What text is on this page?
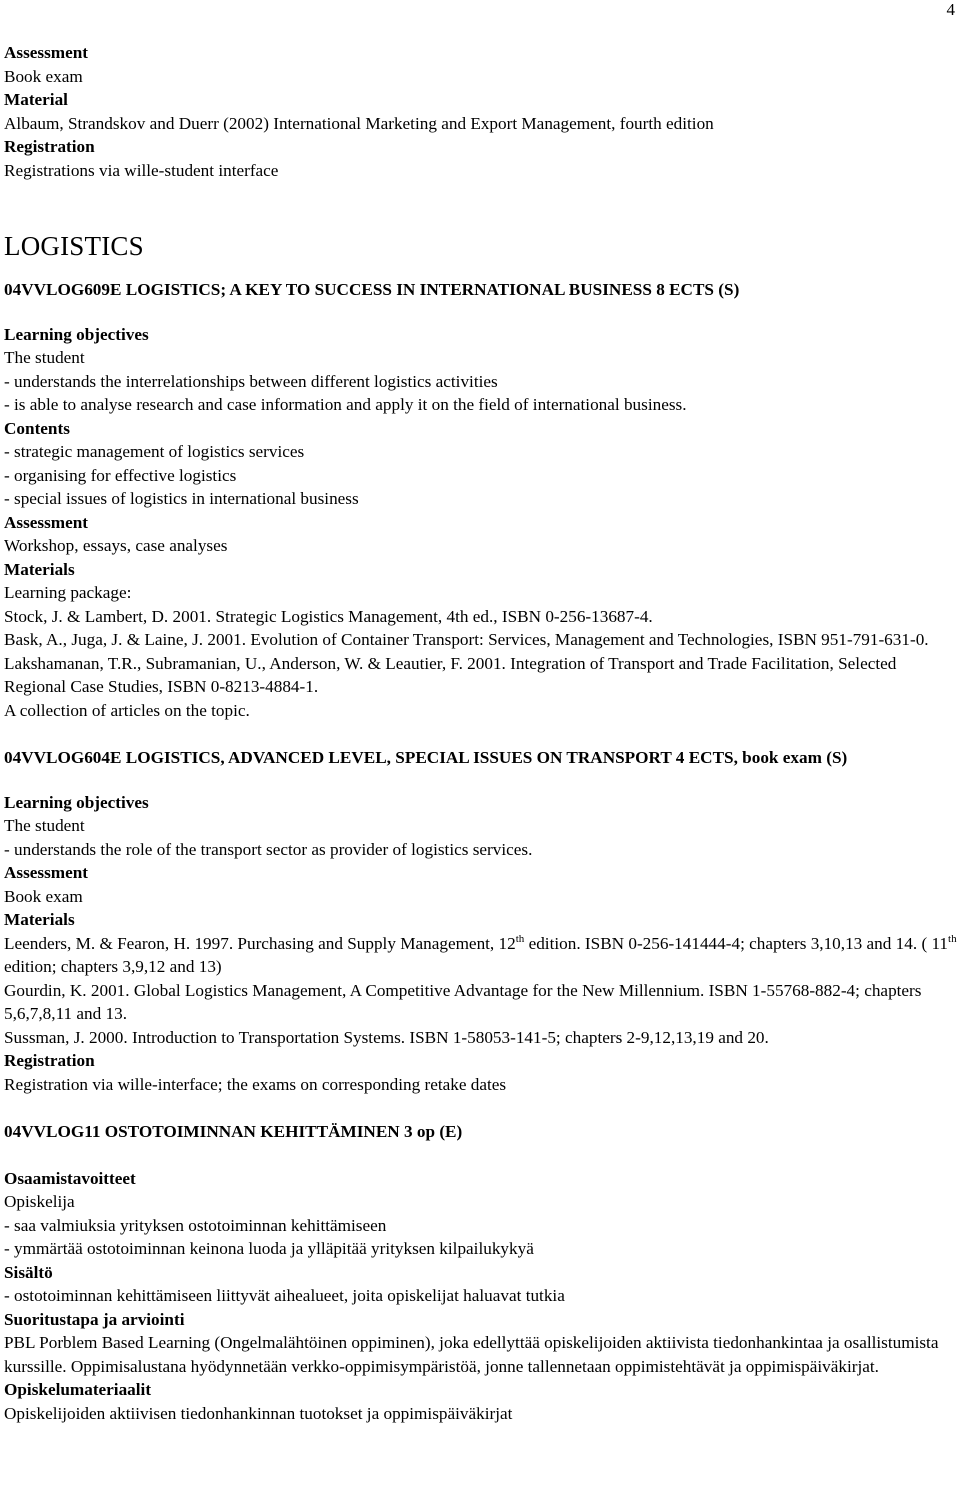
4
Assessment
Book exam
Material
Albaum, Strandskov and Duerr (2002) International Marketing and Export Management, fourth edition
Registration
Registrations via wille-student interface
LOGISTICS
04VVLOG609E LOGISTICS; A KEY TO SUCCESS IN INTERNATIONAL BUSINESS 8 ECTS (S)
Learning objectives
The student
- understands the interrelationships between different logistics activities
- is able to analyse research and case information and apply it on the field of international business.
Contents
- strategic management of logistics services
- organising for effective logistics
- special issues of logistics in international business
Assessment
Workshop, essays, case analyses
Materials
Learning package:
Stock, J. & Lambert, D. 2001. Strategic Logistics Management, 4th ed., ISBN 0-256-13687-4.
Bask, A., Juga, J. & Laine, J. 2001. Evolution of Container Transport: Services, Management and Technologies, ISBN 951-791-631-0.
Lakshamanan, T.R., Subramanian, U., Anderson, W. & Leautier, F. 2001. Integration of Transport and Trade Facilitation, Selected Regional Case Studies, ISBN 0-8213-4884-1.
A collection of articles on the topic.
04VVLOG604E LOGISTICS, ADVANCED LEVEL, SPECIAL ISSUES ON TRANSPORT 4 ECTS, book exam (S)
Learning objectives
The student
- understands the role of the transport sector as provider of logistics services.
Assessment
Book exam
Materials
Leenders, M. & Fearon, H. 1997. Purchasing and Supply Management, 12th edition. ISBN 0-256-141444-4; chapters 3,10,13 and 14. ( 11th edition; chapters 3,9,12 and 13)
Gourdin, K. 2001. Global Logistics Management, A Competitive Advantage for the New Millennium. ISBN 1-55768-882-4; chapters 5,6,7,8,11 and 13.
Sussman, J. 2000. Introduction to Transportation Systems. ISBN 1-58053-141-5; chapters 2-9,12,13,19 and 20.
Registration
Registration via wille-interface; the exams on corresponding retake dates
04VVLOG11 OSTOTOIMINNAN KEHITTÄMINEN 3 op (E)
Osaamistavoitteet
Opiskelija
- saa valmiuksia yrityksen ostotoiminnan kehittämiseen
- ymmärtää ostotoiminnan keinona luoda ja ylläpitää yrityksen kilpailukykyä
Sisältö
- ostotoiminnan kehittämiseen liittyvät aihealueet, joita opiskelijat haluavat tutkia
Suoritustapa ja arviointi
PBL Porblem Based Learning (Ongelmalähtöinen oppiminen), joka edellyttää opiskelijoiden aktiivista tiedonhankintaa ja osallistumista kurssille. Oppimisalustana hyödynnetään verkko-oppimisympäristöä, jonne tallennetaan oppimistehtävät ja oppimispäiväkirjat.
Opiskelumateriaalit
Opiskelijoiden aktiivisen tiedonhankinnan tuotokset ja oppimispäiväkirjat
